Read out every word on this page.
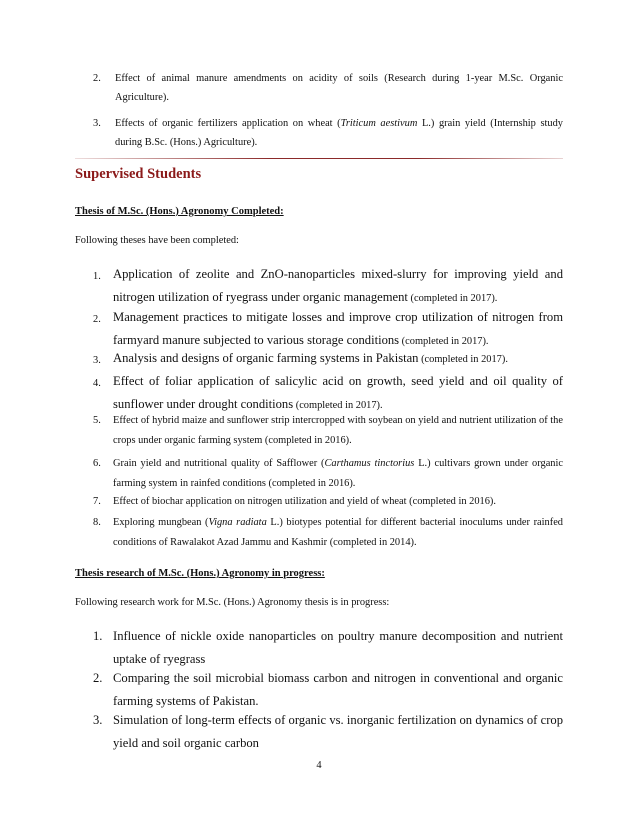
2.	Effect of animal manure amendments on acidity of soils (Research during 1-year M.Sc. Organic Agriculture).
3.	Effects of organic fertilizers application on wheat (Triticum aestivum L.) grain yield (Internship study during B.Sc. (Hons.) Agriculture).
Supervised Students
Thesis of M.Sc. (Hons.) Agronomy Completed:
Following theses have been completed:
1. Application of zeolite and ZnO-nanoparticles mixed-slurry for improving yield and nitrogen utilization of ryegrass under organic management (completed in 2017).
2. Management practices to mitigate losses and improve crop utilization of nitrogen from farmyard manure subjected to various storage conditions (completed in 2017).
3. Analysis and designs of organic farming systems in Pakistan (completed in 2017).
4. Effect of foliar application of salicylic acid on growth, seed yield and oil quality of sunflower under drought conditions (completed in 2017).
5.	Effect of hybrid maize and sunflower strip intercropped with soybean on yield and nutrient utilization of the crops under organic farming system (completed in 2016).
6.	Grain yield and nutritional quality of Safflower (Carthamus tinctorius L.) cultivars grown under organic farming system in rainfed conditions (completed in 2016).
7.	Effect of biochar application on nitrogen utilization and yield of wheat (completed in 2016).
8.	Exploring mungbean (Vigna radiata L.) biotypes potential for different bacterial inoculums under rainfed conditions of Rawalakot Azad Jammu and Kashmir (completed in 2014).
Thesis research of M.Sc. (Hons.) Agronomy in progress:
Following research work for M.Sc. (Hons.) Agronomy thesis is in progress:
1. Influence of nickle oxide nanoparticles on poultry manure decomposition and nutrient uptake of ryegrass
2. Comparing the soil microbial biomass carbon and nitrogen in conventional and organic farming systems of Pakistan.
3. Simulation of long-term effects of organic vs. inorganic fertilization on dynamics of crop yield and soil organic carbon
4
